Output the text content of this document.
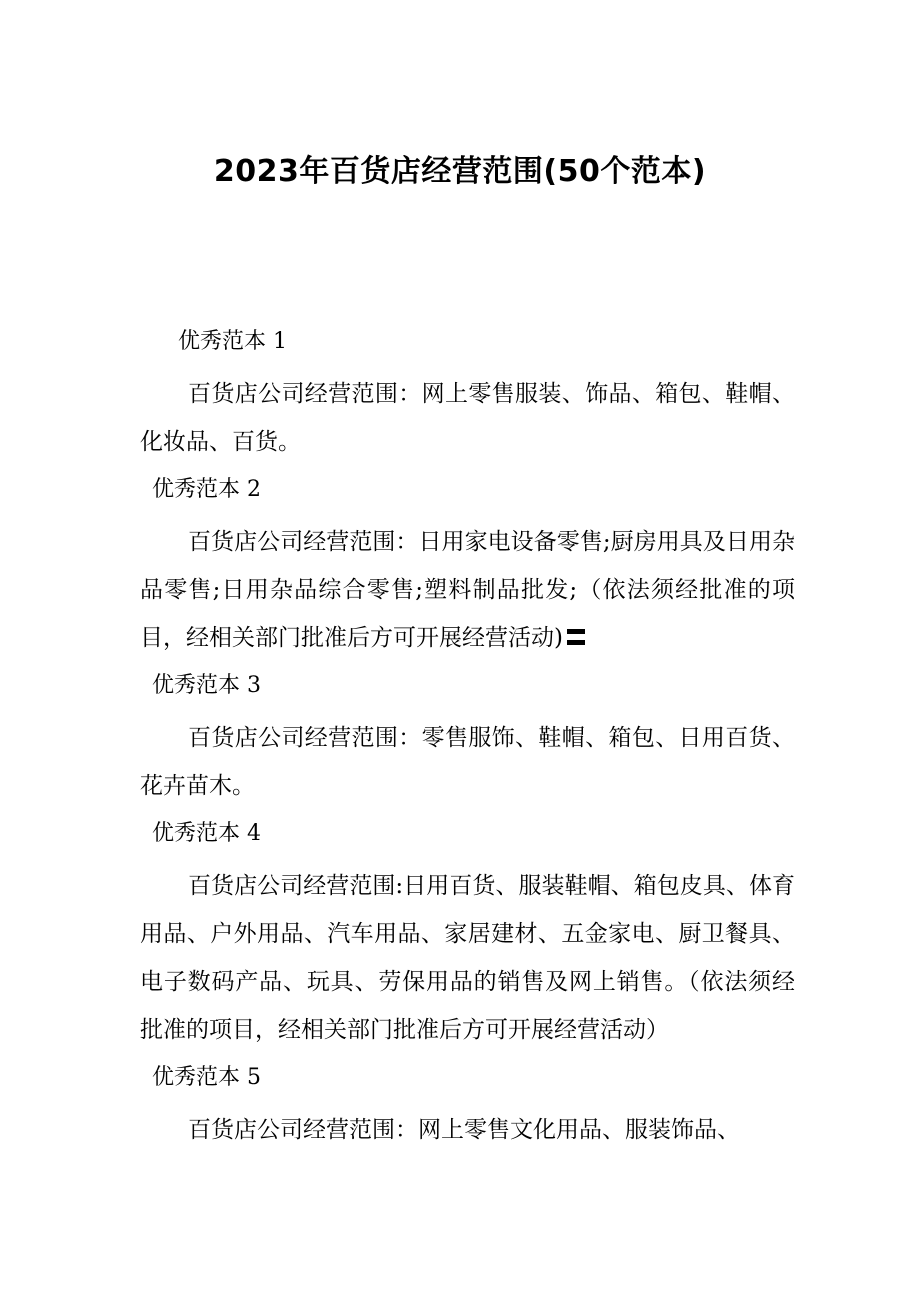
2023年百货店经营范围(50个范本)

优秀范本 1

百货店公司经营范围：网上零售服装、饰品、箱包、鞋帽、化妆品、百货。

优秀范本 2

百货店公司经营范围：日用家电设备零售;厨房用具及日用杂品零售;日用杂品综合零售;塑料制品批发;（依法须经批准的项目，经相关部门批准后方可开展经营活动)

优秀范本 3

百货店公司经营范围：零售服饰、鞋帽、箱包、日用百货、花卉苗木。

优秀范本 4

百货店公司经营范围:日用百货、服装鞋帽、箱包皮具、体育用品、户外用品、汽车用品、家居建材、五金家电、厨卫餐具、电子数码产品、玩具、劳保用品的销售及网上销售。（依法须经批准的项目，经相关部门批准后方可开展经营活动）

优秀范本 5

百货店公司经营范围：网上零售文化用品、服装饰品、
